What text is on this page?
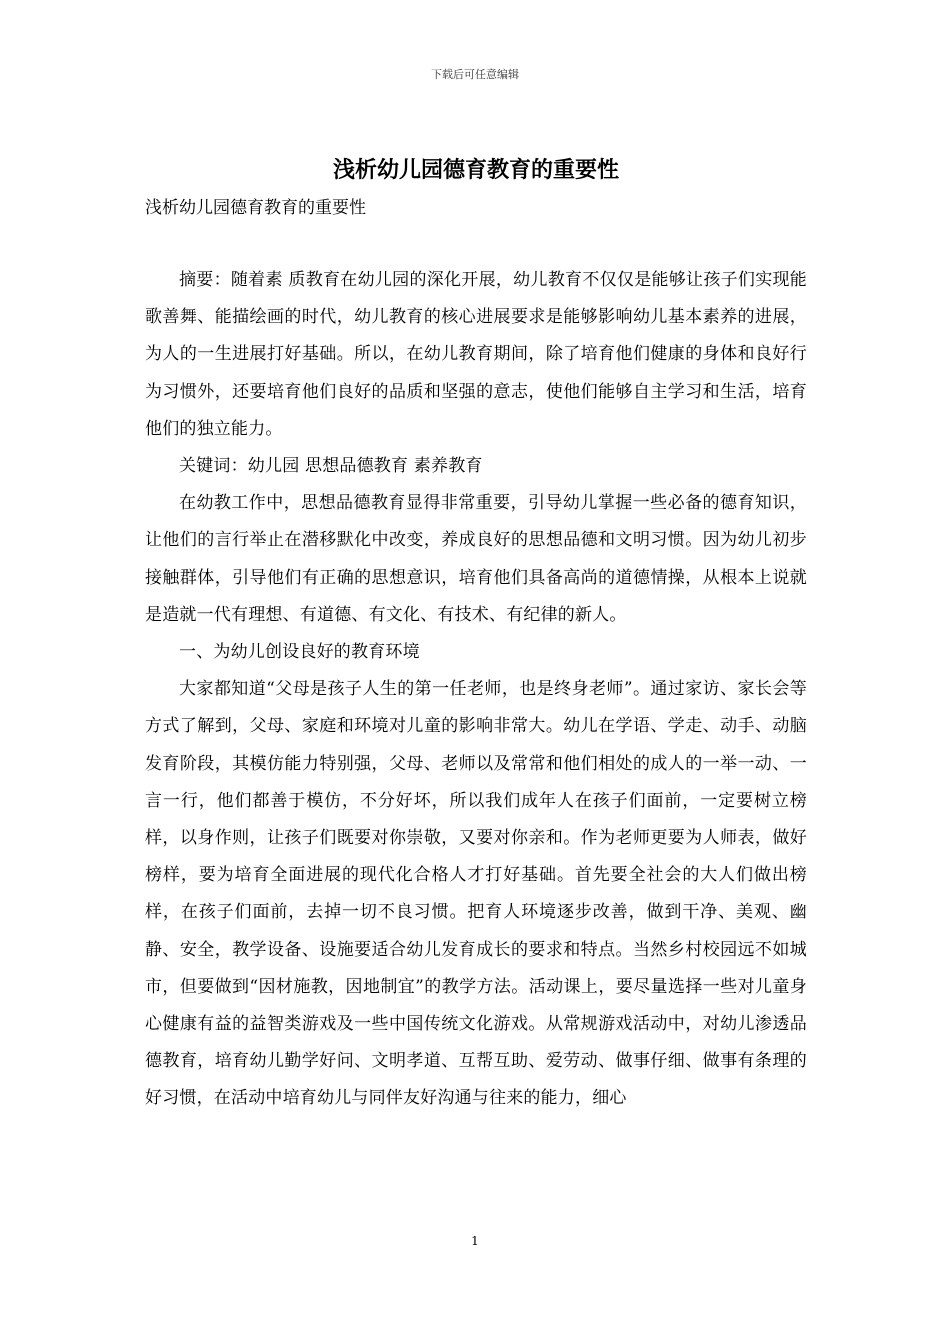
下载后可任意编辑
浅析幼儿园德育教育的重要性

浅析幼儿园德育教育的重要性

摘要：随着素 质教育在幼儿园的深化开展，幼儿教育不仅仅是能够让孩子们实现能歌善舞、能描绘画的时代，幼儿教育的核心进展要求是能够影响幼儿基本素养的进展，为人的一生进展打好基础。所以，在幼儿教育期间，除了培育他们健康的身体和良好行为习惯外，还要培育他们良好的品质和坚强的意志，使他们能够自主学习和生活，培育他们的独立能力。

关键词：幼儿园 思想品德教育 素养教育

在幼教工作中，思想品德教育显得非常重要，引导幼儿掌握一些必备的德育知识，让他们的言行举止在潜移默化中改变，养成良好的思想品德和文明习惯。因为幼儿初步接触群体，引导他们有正确的思想意识，培育他们具备高尚的道德情操，从根本上说就是造就一代有理想、有道德、有文化、有技术、有纪律的新人。

一、为幼儿创设良好的教育环境

大家都知道“父母是孩子人生的第一任老师，也是终身老师”。通过家访、家长会等方式了解到，父母、家庭和环境对儿童的影响非常大。幼儿在学语、学走、动手、动脑发育阶段，其模仿能力特别强，父母、老师以及常常和他们相处的成人的一举一动、一言一行，他们都善于模仿，不分好坏，所以我们成年人在孩子们面前，一定要树立榜样，以身作则，让孩子们既要对你崇敬，又要对你亲和。作为老师更要为人师表，做好榜样，要为培育全面进展的现代化合格人才打好基础。首先要全社会的大人们做出榜样，在孩子们面前，去掉一切不良习惯。把育人环境逐步改善，做到干净、美观、幽静、安全，教学设备、设施要适合幼儿发育成长的要求和特点。当然乡村校园远不如城市，但要做到“因材施教，因地制宜”的教学方法。活动课上，要尽量选择一些对儿童身心健康有益的益智类游戏及一些中国传统文化游戏。从常规游戏活动中，对幼儿渗透品德教育，培育幼儿勤学好问、文明孝道、互帮互助、爱劳动、做事仔细、做事有条理的好习惯，在活动中培育幼儿与同伴友好沟通与往来的能力，细心

1
